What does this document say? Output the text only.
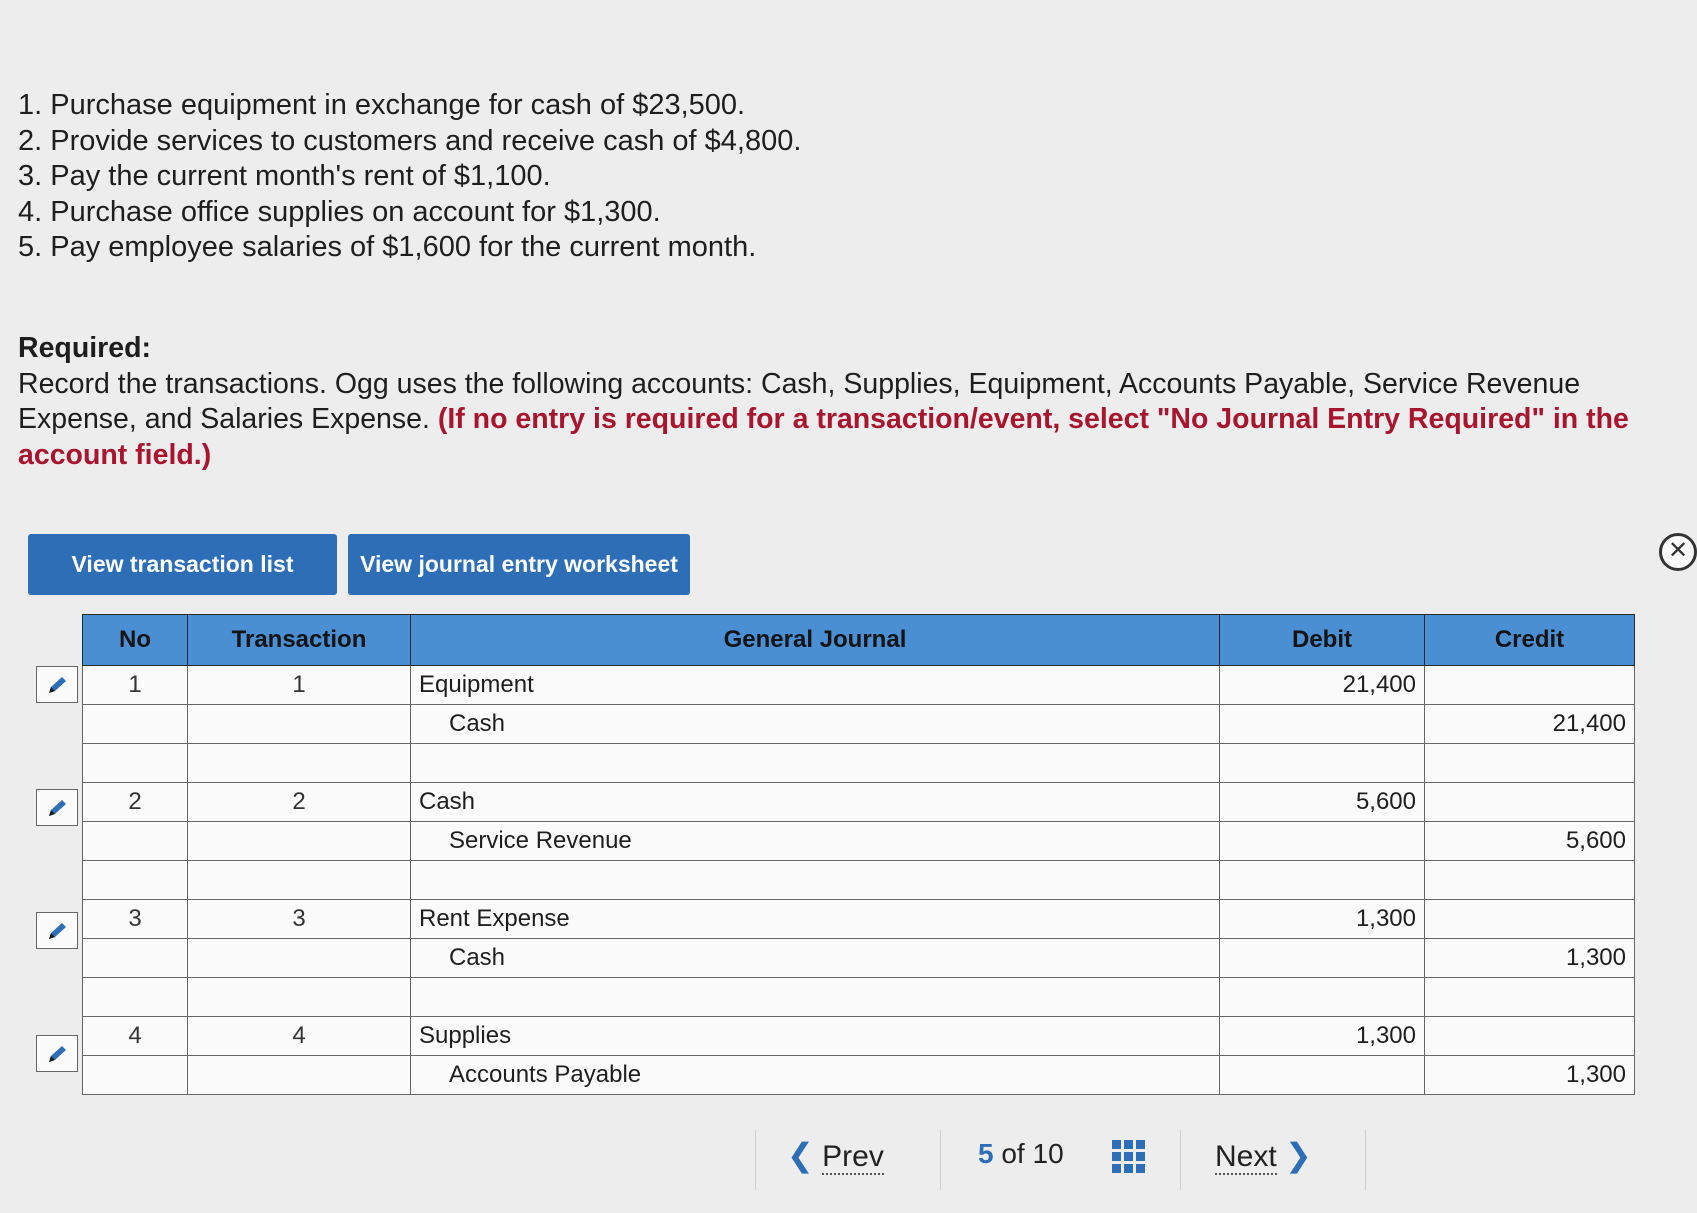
1. Purchase equipment in exchange for cash of $23,500.
2. Provide services to customers and receive cash of $4,800.
3. Pay the current month's rent of $1,100.
4. Purchase office supplies on account for $1,300.
5. Pay employee salaries of $1,600 for the current month.
Required:
Record the transactions. Ogg uses the following accounts: Cash, Supplies, Equipment, Accounts Payable, Service Revenue
Expense, and Salaries Expense. (If no entry is required for a transaction/event, select "No Journal Entry Required" in the
account field.)
View transaction list	View journal entry worksheet	✕
No	Transaction	General Journal	Debit	Credit
1	1	Equipment	21,400	
		Cash		21,400

2	2	Cash	5,600	
		Service Revenue		5,600

3	3	Rent Expense	1,300	
		Cash		1,300

4	4	Supplies	1,300	
		Accounts Payable		1,300
❮ Prev	5 of 10	Next ❯
